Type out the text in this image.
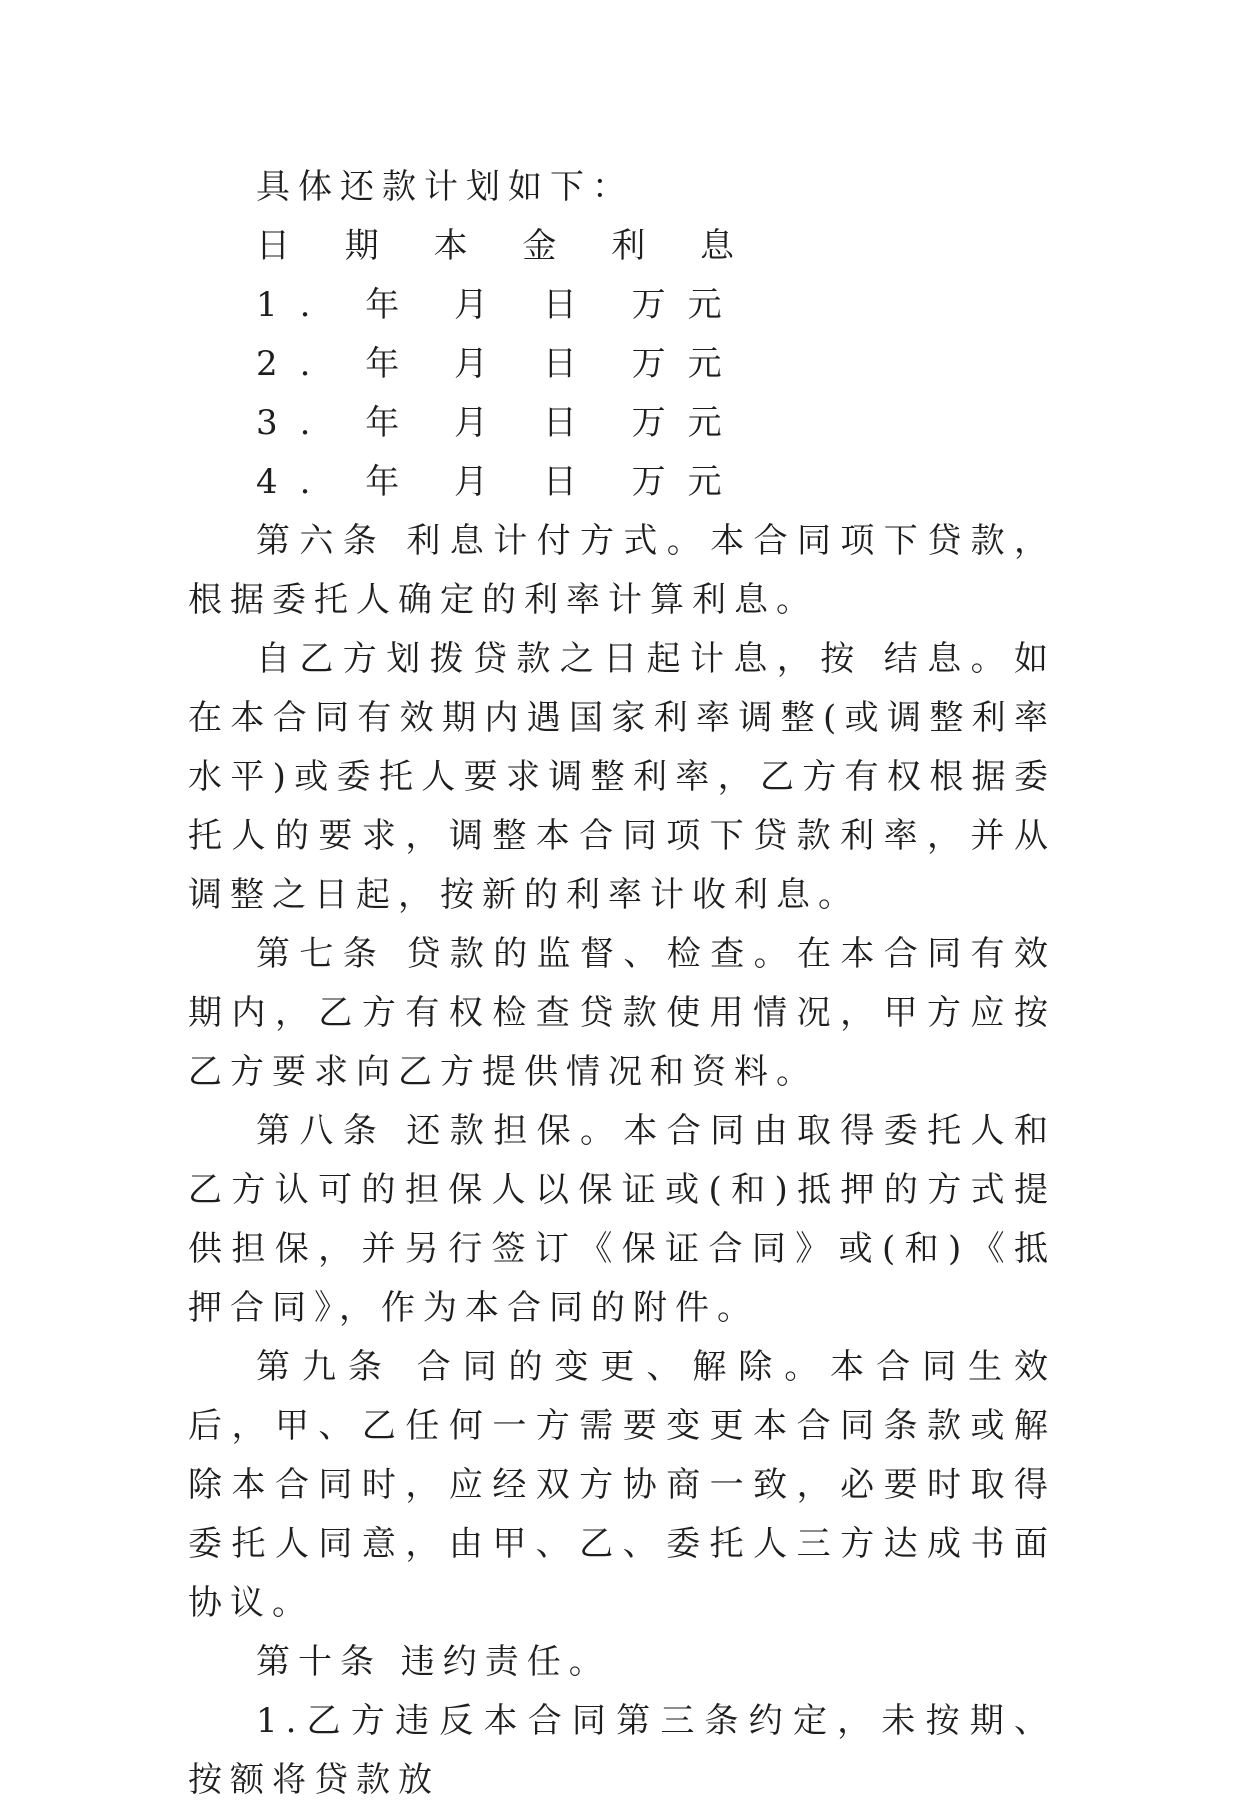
具体还款计划如下：

日 期 本 金 利 息

1. 年 月 日 万元

2. 年 月 日 万元

3. 年 月 日 万元

4. 年 月 日 万元

第六条 利息计付方式。本合同项下贷款，根据委托人确定的利率计算利息。

自乙方划拨贷款之日起计息，按 结息。如在本合同有效期内遇国家利率调整(或调整利率水平)或委托人要求调整利率，乙方有权根据委托人的要求，调整本合同项下贷款利率，并从调整之日起，按新的利率计收利息。

第七条 贷款的监督、检查。在本合同有效期内，乙方有权检查贷款使用情况，甲方应按乙方要求向乙方提供情况和资料。

第八条 还款担保。本合同由取得委托人和乙方认可的担保人以保证或(和)抵押的方式提供担保，并另行签订《保证合同》或(和)《抵押合同》，作为本合同的附件。

第九条 合同的变更、解除。本合同生效后，甲、乙任何一方需要变更本合同条款或解除本合同时，应经双方协商一致，必要时取得委托人同意，由甲、乙、委托人三方达成书面协议。

第十条 违约责任。

1.乙方违反本合同第三条约定，未按期、按额将贷款放
